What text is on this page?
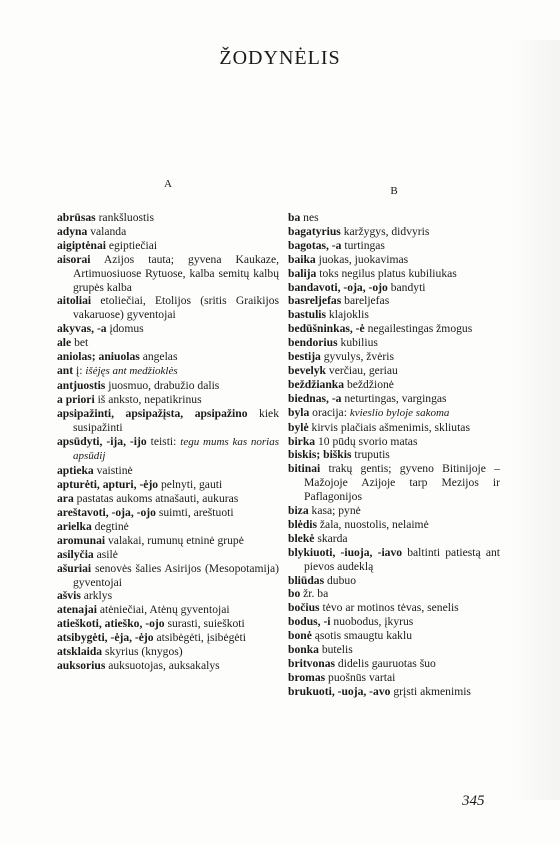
ŽODYNĖLIS
A

abrūsas rankšluostis

adyna valanda

aigiptėnai egiptiečiai

aisorai Azijos tauta; gyvena Kaukaze, Artimuosiuose Rytuose, kalba semitų kalbų grupės kalba

aitoliai etoliečiai, Etolijos (sritis Graikijos vakaruose) gyventojai

akyvas, -a įdomus

ale bet

aniolas; aniuolas angelas

ant į: išėjęs ant medžioklės

antjuostis juosmuo, drabužio dalis

a priori iš anksto, nepatikrinus

apsipažinti, apsipažįsta, apsipažino kiek susipažinti

apsūdyti, -ija, -ijo teisti: tegu mums kas norias apsūdij

aptieka vaistinė

apturėti, apturi, -ėjo pelnyti, gauti

ara pastatas aukoms atnašauti, aukuras

areštavoti, -oja, -ojo suimti, areštuoti

arielka degtinė

aromunai valakai, rumunų etninė grupė

asilyčia asilė

ašuriai senovės šalies Asirijos (Mesopotamija) gyventojai

ašvis arklys

atenajai atėniečiai, Atėnų gyventojai

atieškoti, atieško, -ojo surasti, suieškoti

atsibygėti, -ėja, -ėjo atsibėgėti, įsibėgėti

atsklaida skyrius (knygos)

auksorius auksuotojas, auksakalys

B

ba nes

bagatyrius karžygys, didvyris

bagotas, -a turtingas

baika juokas, juokavimas

balija toks negilus platus kubiliukas

bandavoti, -oja, -ojo bandyti

basreljefas bareljefas

bastulis klajoklis

bedūšninkas, -ė negailestingas žmogus

bendorius kubilius

bestija gyvulys, žvėris

bevelyk verčiau, geriau

beždžianka beždžionė

biednas, -a neturtingas, vargingas

byla oracija: kvieslio byloje sakoma

bylė kirvis plačiais ašmenimis, skliutas

birka 10 pūdų svorio matas

biskis; biškis truputis

bitinai trakų gentis; gyveno Bitinijoje – Mažojoje Azijoje tarp Mezijos ir Paflagonijos

biza kasa; pynė

blėdis žala, nuostolis, nelaimė

blekė skarda

blykiuoti, -iuoja, -iavo baltinti patiestą ant pievos audeklą

bliūdas dubuo

bo žr. ba

bočius tėvo ar motinos tėvas, senelis

bodus, -i nuobodus, įkyrus

bonė ąsotis smaugtu kaklu

bonka butelis

britvonas didelis gauruotas šuo

bromas puošnūs vartai

brukuoti, -uoja, -avo grįsti akmenimis

345
